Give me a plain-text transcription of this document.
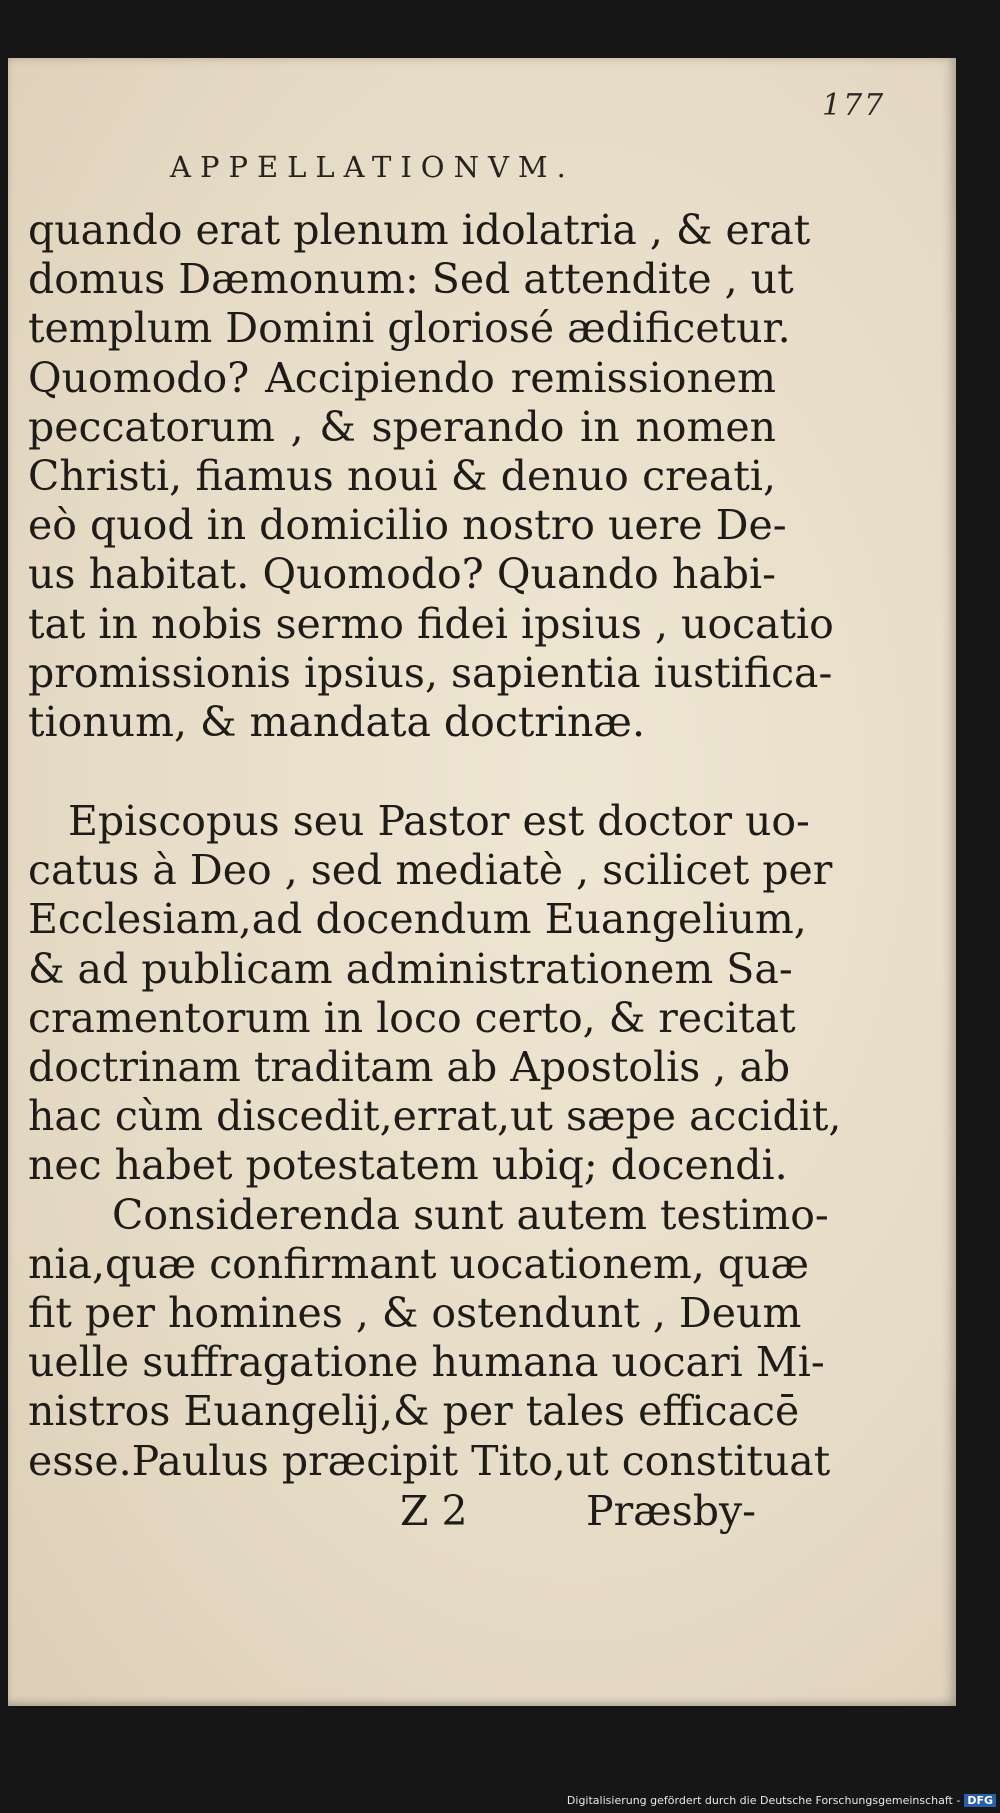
177
APPELLATIONVM.
quando erat plenum idolatria , & erat
domus Dæmonum: Sed attendite , ut
templum Domini gloriosé ædificetur.
Quomodo? Accipiendo remissionem
peccatorum , & sperando in nomen
Christi, fiamus noui & denuo creati,
eò quod in domicilio nostro uere De-
us habitat. Quomodo? Quando habi-
tat in nobis sermo fidei ipsius , uocatio
promissionis ipsius, sapientia iustifica-
tionum, & mandata doctrinæ.
Episcopus seu Pastor est doctor uo-
catus à Deo , sed mediatè , scilicet per
Ecclesiam,ad docendum Euangelium,
& ad publicam administrationem Sa-
cramentorum in loco certo, & recitat
doctrinam traditam ab Apostolis , ab
hac cùm discedit,errat,ut sæpe accidit,
nec habet potestatem ubiq; docendi.
Considerenda sunt autem testimo-
nia,quæ confirmant uocationem, quæ
fit per homines , & ostendunt , Deum
uelle suffragatione humana uocari Mi-
nistros Euangelij,& per tales efficacē
esse.Paulus præcipit Tito,ut constituat
Z 2	Præsby-
Digitalisierung gefördert durch die Deutsche Forschungsgemeinschaft - DFG
